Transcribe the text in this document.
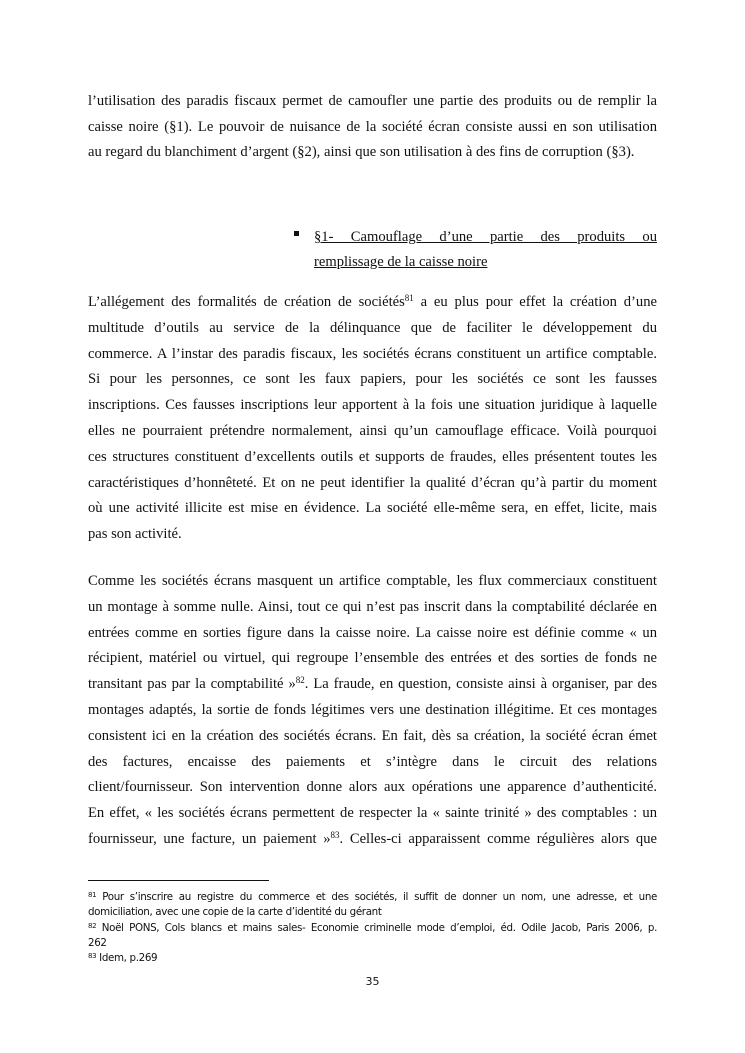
l’utilisation des paradis fiscaux permet de camoufler une partie des produits ou de remplir la
caisse noire (§1). Le pouvoir de nuisance de la société écran consiste aussi en son utilisation
au regard du blanchiment d’argent (§2), ainsi que son utilisation à des fins de corruption (§3).
§1- Camouflage d’une partie des produits ou
remplissage de la caisse noire
L’allégement des formalités de création de sociétés$^{81}$ a eu plus pour effet la création d’une
multitude d’outils au service de la délinquance que de faciliter le développement du
commerce. A l’instar des paradis fiscaux, les sociétés écrans constituent un artifice comptable.
Si pour les personnes, ce sont les faux papiers, pour les sociétés ce sont les fausses
inscriptions. Ces fausses inscriptions leur apportent à la fois une situation juridique à laquelle
elles ne pourraient prétendre normalement, ainsi qu’un camouflage efficace. Voilà pourquoi
ces structures constituent d’excellents outils et supports de fraudes, elles présentent toutes les
caractéristiques d’honnêteté. Et on ne peut identifier la qualité d’écran qu’à partir du moment
où une activité illicite est mise en évidence. La société elle-même sera, en effet, licite, mais
pas son activité.
Comme les sociétés écrans masquent un artifice comptable, les flux commerciaux constituent
un montage à somme nulle. Ainsi, tout ce qui n’est pas inscrit dans la comptabilité déclarée en
entrées comme en sorties figure dans la caisse noire. La caisse noire est définie comme « un
récipient, matériel ou virtuel, qui regroupe l’ensemble des entrées et des sorties de fonds ne
transitant pas par la comptabilité »$^{82}$. La fraude, en question, consiste ainsi à organiser, par des
montages adaptés, la sortie de fonds légitimes vers une destination illégitime. Et ces montages
consistent ici en la création des sociétés écrans. En fait, dès sa création, la société écran émet
des factures, encaisse des paiements et s’intègre dans le circuit des relations
client/fournisseur. Son intervention donne alors aux opérations une apparence d’authenticité.
En effet, « les sociétés écrans permettent de respecter la « sainte trinité » des comptables : un
fournisseur, une facture, un paiement »$^{83}$. Celles-ci apparaissent comme régulières alors que
$^{81}$ Pour s’inscrire au registre du commerce et des sociétés, il suffit de donner un nom, une adresse, et une
domiciliation, avec une copie de la carte d’identité du gérant
$^{82}$ Noël PONS, Cols blancs et mains sales- Economie criminelle mode d’emploi, éd. Odile Jacob, Paris 2006, p.
262
$^{83}$ Idem, p.269
35
